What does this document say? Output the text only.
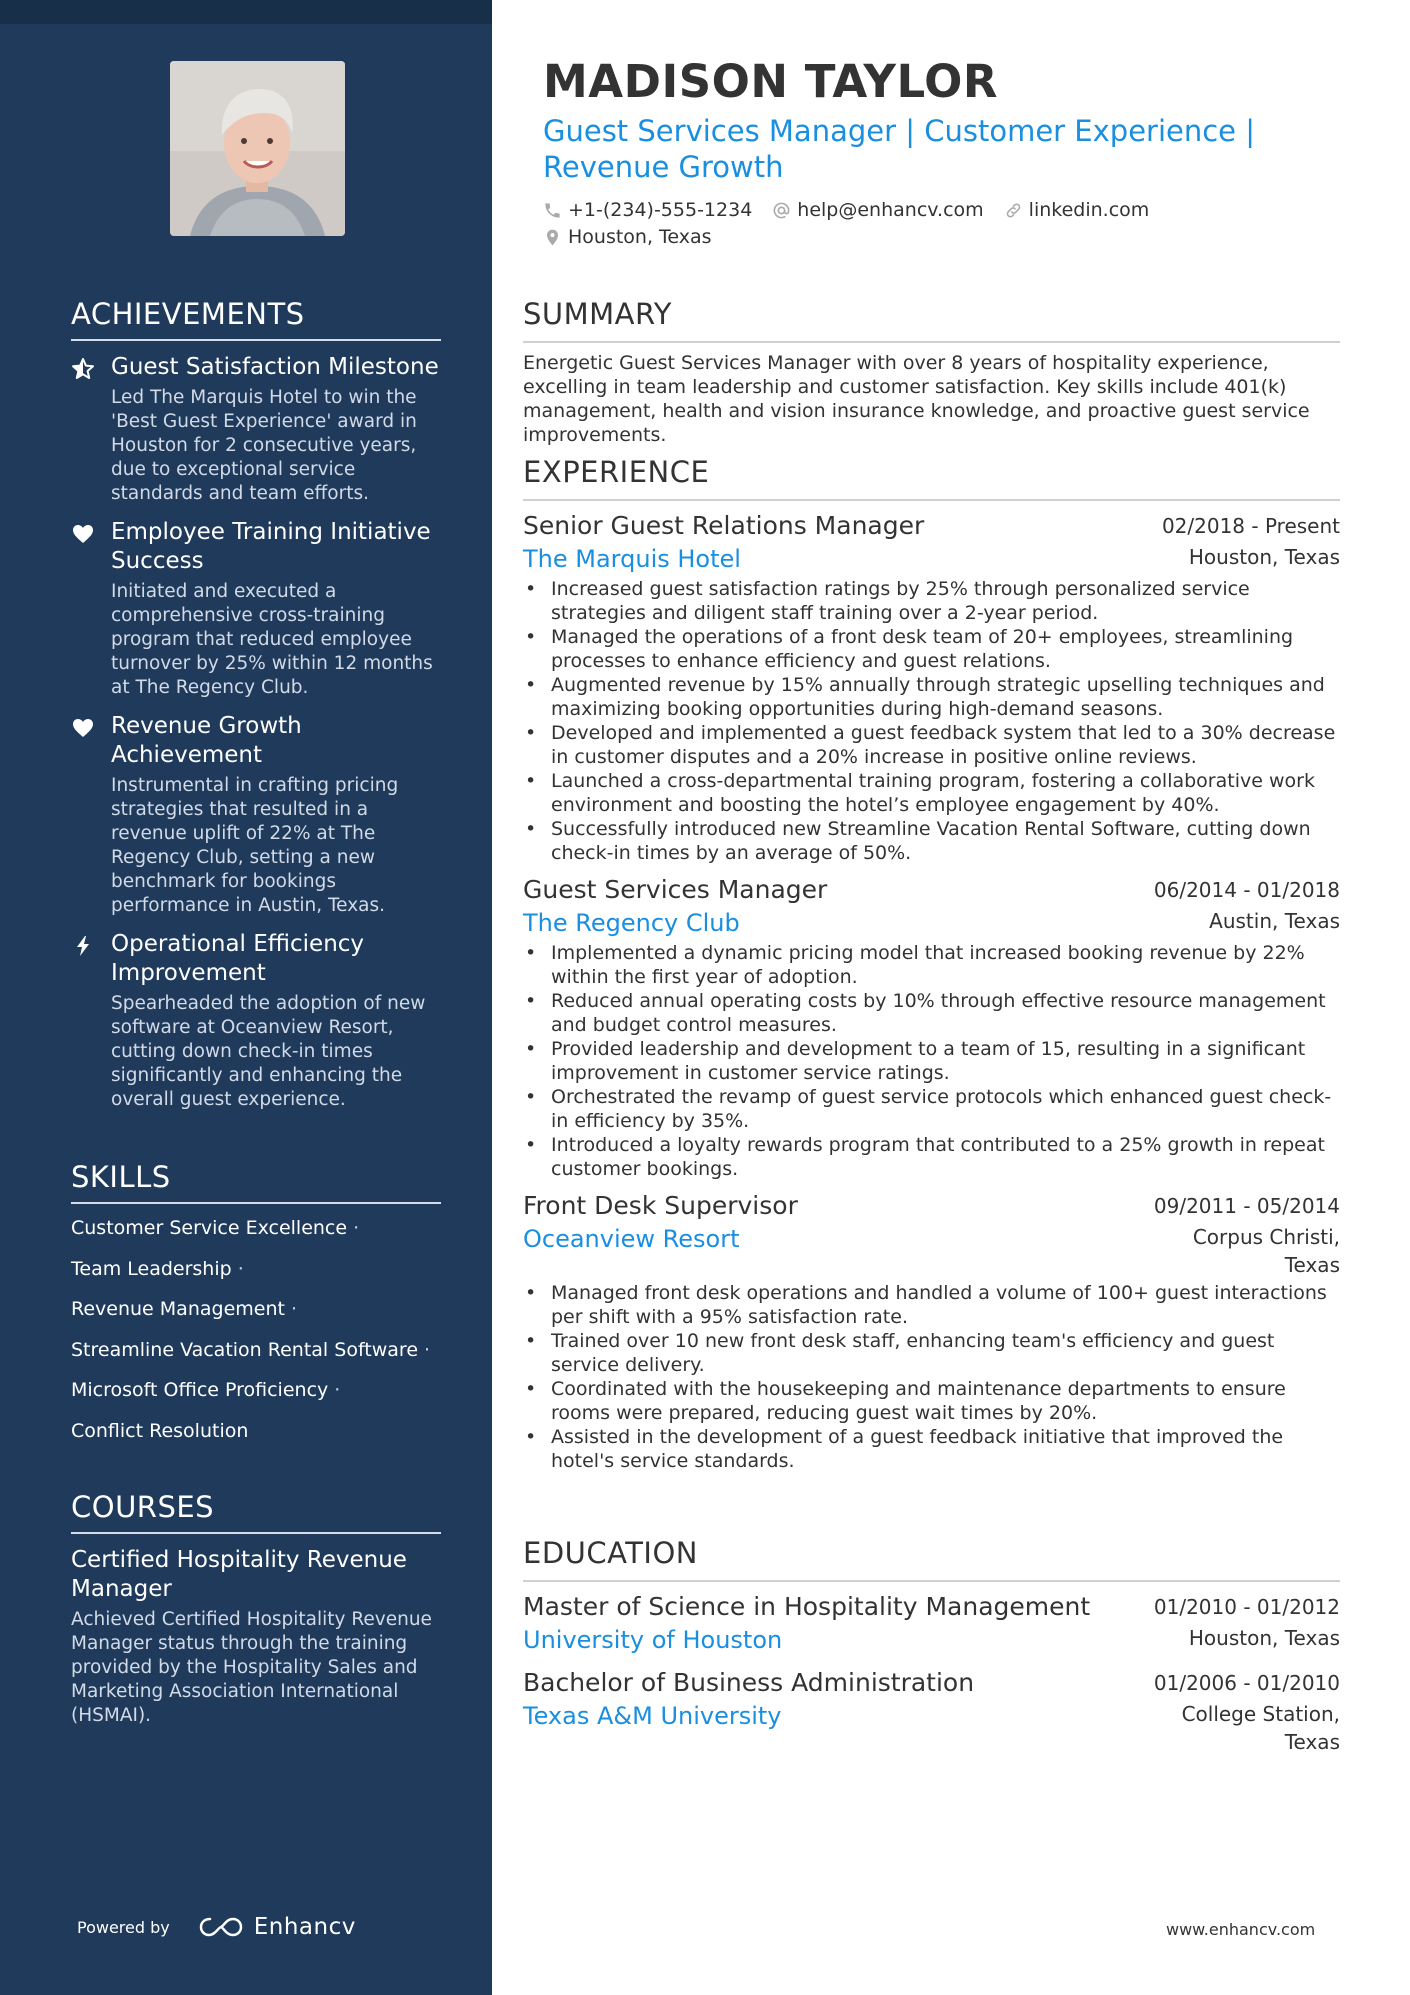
ACHIEVEMENTS
Guest Satisfaction Milestone
Led The Marquis Hotel to win the 'Best Guest Experience' award in Houston for 2 consecutive years, due to exceptional service standards and team efforts.
Employee Training Initiative Success
Initiated and executed a comprehensive cross-training program that reduced employee turnover by 25% within 12 months at The Regency Club.
Revenue Growth Achievement
Instrumental in crafting pricing strategies that resulted in a revenue uplift of 22% at The Regency Club, setting a new benchmark for bookings performance in Austin, Texas.
Operational Efficiency Improvement
Spearheaded the adoption of new software at Oceanview Resort, cutting down check-in times significantly and enhancing the overall guest experience.
SKILLS
Customer Service Excellence ·
Team Leadership ·
Revenue Management ·
Streamline Vacation Rental Software ·
Microsoft Office Proficiency ·
Conflict Resolution
COURSES
Certified Hospitality Revenue Manager
Achieved Certified Hospitality Revenue Manager status through the training provided by the Hospitality Sales and Marketing Association International (HSMAI).
Powered by	Enhancv
MADISON TAYLOR
Guest Services Manager | Customer Experience | Revenue Growth
+1-(234)-555-1234 help@enhancv.com linkedin.com
Houston, Texas
SUMMARY
Energetic Guest Services Manager with over 8 years of hospitality experience, excelling in team leadership and customer satisfaction. Key skills include 401(k) management, health and vision insurance knowledge, and proactive guest service improvements.
EXPERIENCE
Senior Guest Relations Manager	02/2018 - Present
The Marquis Hotel	Houston, Texas
• Increased guest satisfaction ratings by 25% through personalized service strategies and diligent staff training over a 2-year period.
• Managed the operations of a front desk team of 20+ employees, streamlining processes to enhance efficiency and guest relations.
• Augmented revenue by 15% annually through strategic upselling techniques and maximizing booking opportunities during high-demand seasons.
• Developed and implemented a guest feedback system that led to a 30% decrease in customer disputes and a 20% increase in positive online reviews.
• Launched a cross-departmental training program, fostering a collaborative work environment and boosting the hotel’s employee engagement by 40%.
• Successfully introduced new Streamline Vacation Rental Software, cutting down check-in times by an average of 50%.
Guest Services Manager	06/2014 - 01/2018
The Regency Club	Austin, Texas
• Implemented a dynamic pricing model that increased booking revenue by 22% within the first year of adoption.
• Reduced annual operating costs by 10% through effective resource management and budget control measures.
• Provided leadership and development to a team of 15, resulting in a significant improvement in customer service ratings.
• Orchestrated the revamp of guest service protocols which enhanced guest check-in efficiency by 35%.
• Introduced a loyalty rewards program that contributed to a 25% growth in repeat customer bookings.
Front Desk Supervisor	09/2011 - 05/2014
Oceanview Resort	Corpus Christi, Texas
• Managed front desk operations and handled a volume of 100+ guest interactions per shift with a 95% satisfaction rate.
• Trained over 10 new front desk staff, enhancing team's efficiency and guest service delivery.
• Coordinated with the housekeeping and maintenance departments to ensure rooms were prepared, reducing guest wait times by 20%.
• Assisted in the development of a guest feedback initiative that improved the hotel's service standards.
EDUCATION
Master of Science in Hospitality Management	01/2010 - 01/2012
University of Houston	Houston, Texas
Bachelor of Business Administration	01/2006 - 01/2010
Texas A&M University	College Station, Texas
www.enhancv.com
